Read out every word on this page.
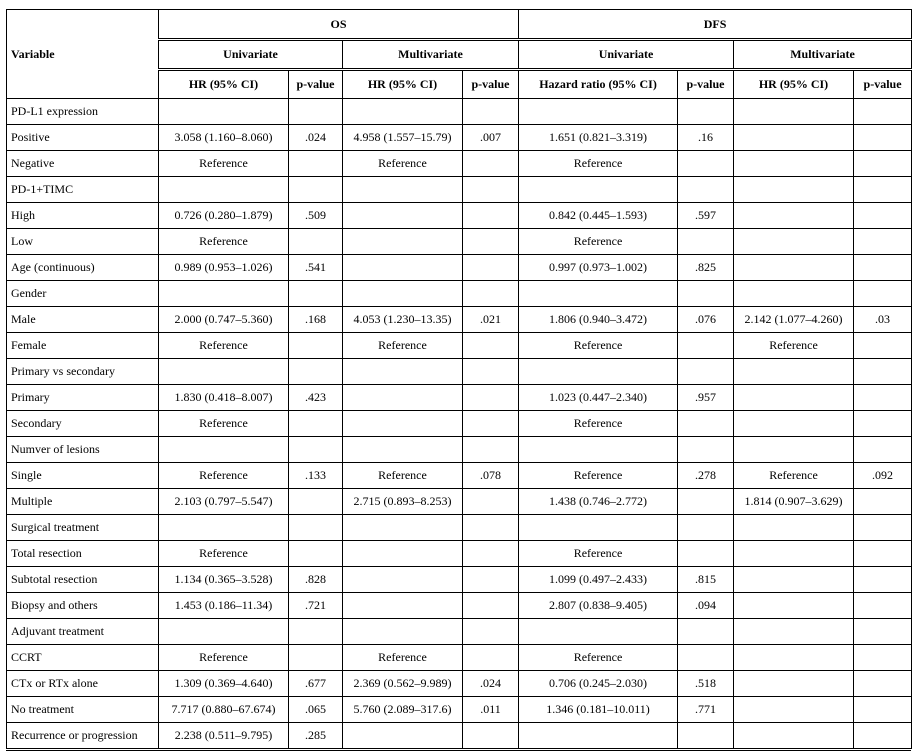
Variable	OS				DFS			
	Univariate		Multivariate		Univariate		Multivariate	
	HR (95% CI)	p-value	HR (95% CI)	p-value	Hazard ratio (95% CI)	p-value	HR (95% CI)	p-value
PD-L1 expression								
Positive	3.058 (1.160–8.060)	.024	4.958 (1.557–15.79)	.007	1.651 (0.821–3.319)	.16		
Negative	Reference		Reference		Reference			
PD-1+TIMC								
High	0.726 (0.280–1.879)	.509			0.842 (0.445–1.593)	.597		
Low	Reference				Reference			
Age (continuous)	0.989 (0.953–1.026)	.541			0.997 (0.973–1.002)	.825		
Gender								
Male	2.000 (0.747–5.360)	.168	4.053 (1.230–13.35)	.021	1.806 (0.940–3.472)	.076	2.142 (1.077–4.260)	.03
Female	Reference		Reference		Reference		Reference	
Primary vs secondary								
Primary	1.830 (0.418–8.007)	.423			1.023 (0.447–2.340)	.957		
Secondary	Reference				Reference			
Numver of lesions								
Single	Reference	.133	Reference	.078	Reference	.278	Reference	.092
Multiple	2.103 (0.797–5.547)		2.715 (0.893–8.253)		1.438 (0.746–2.772)		1.814 (0.907–3.629)	
Surgical treatment								
Total resection	Reference				Reference			
Subtotal resection	1.134 (0.365–3.528)	.828			1.099 (0.497–2.433)	.815		
Biopsy and others	1.453 (0.186–11.34)	.721			2.807 (0.838–9.405)	.094		
Adjuvant treatment								
CCRT	Reference		Reference		Reference			
CTx or RTx alone	1.309 (0.369–4.640)	.677	2.369 (0.562–9.989)	.024	0.706 (0.245–2.030)	.518		
No treatment	7.717 (0.880–67.674)	.065	5.760 (2.089–317.6)	.011	1.346 (0.181–10.011)	.771		
Recurrence or progression	2.238 (0.511–9.795)	.285						
